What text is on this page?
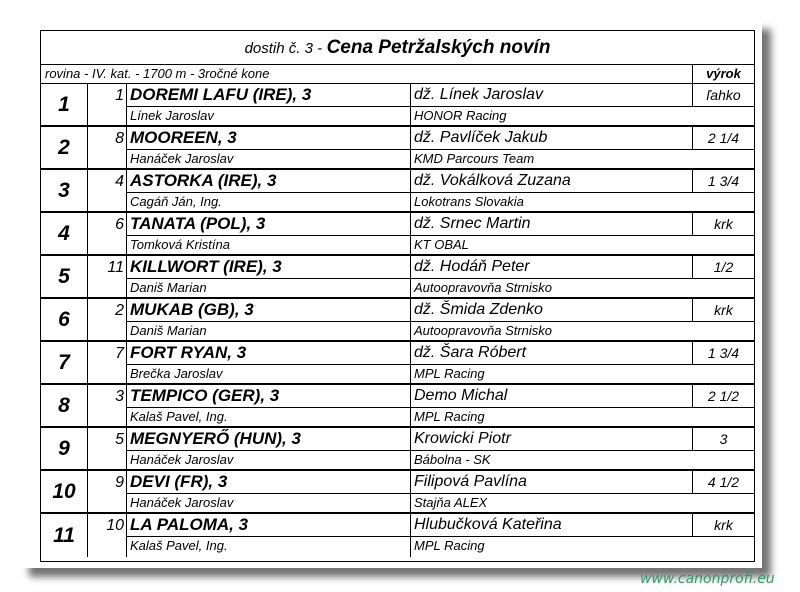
dostih č. 3 - Cena Petržalských novín
rovina - IV. kat. - 1700 m - 3ročné kone	výrok
1	1 DOREMI LAFU (IRE), 3	dž. Línek Jaroslav	ľahko
Línek Jaroslav	HONOR Racing
2	8 MOOREEN, 3	dž. Pavlíček Jakub	2 1/4
Hanáček Jaroslav	KMD Parcours Team
3	4 ASTORKA (IRE), 3	dž. Vokálková Zuzana	1 3/4
Cagáň Ján, Ing.	Lokotrans Slovakia
4	6 TANATA (POL), 3	dž. Srnec Martin	krk
Tomková Kristína	KT OBAL
5	11 KILLWORT (IRE), 3	dž. Hodáň Peter	1/2
Daniš Marian	Autoopravovňa Strnisko
6	2 MUKAB (GB), 3	dž. Šmida Zdenko	krk
Daniš Marian	Autoopravovňa Strnisko
7	7 FORT RYAN, 3	dž. Šara Róbert	1 3/4
Brečka Jaroslav	MPL Racing
8	3 TEMPICO (GER), 3	Demo Michal	2 1/2
Kalaš Pavel, Ing.	MPL Racing
9	5 MEGNYERŐ (HUN), 3	Krowicki Piotr	3
Hanáček Jaroslav	Bábolna - SK
10	9 DEVI (FR), 3	Filipová Pavlína	4 1/2
Hanáček Jaroslav	Stajňa ALEX
11	10 LA PALOMA, 3	Hlubučková Kateřina	krk
Kalaš Pavel, Ing.	MPL Racing
www.canonprofi.eu
